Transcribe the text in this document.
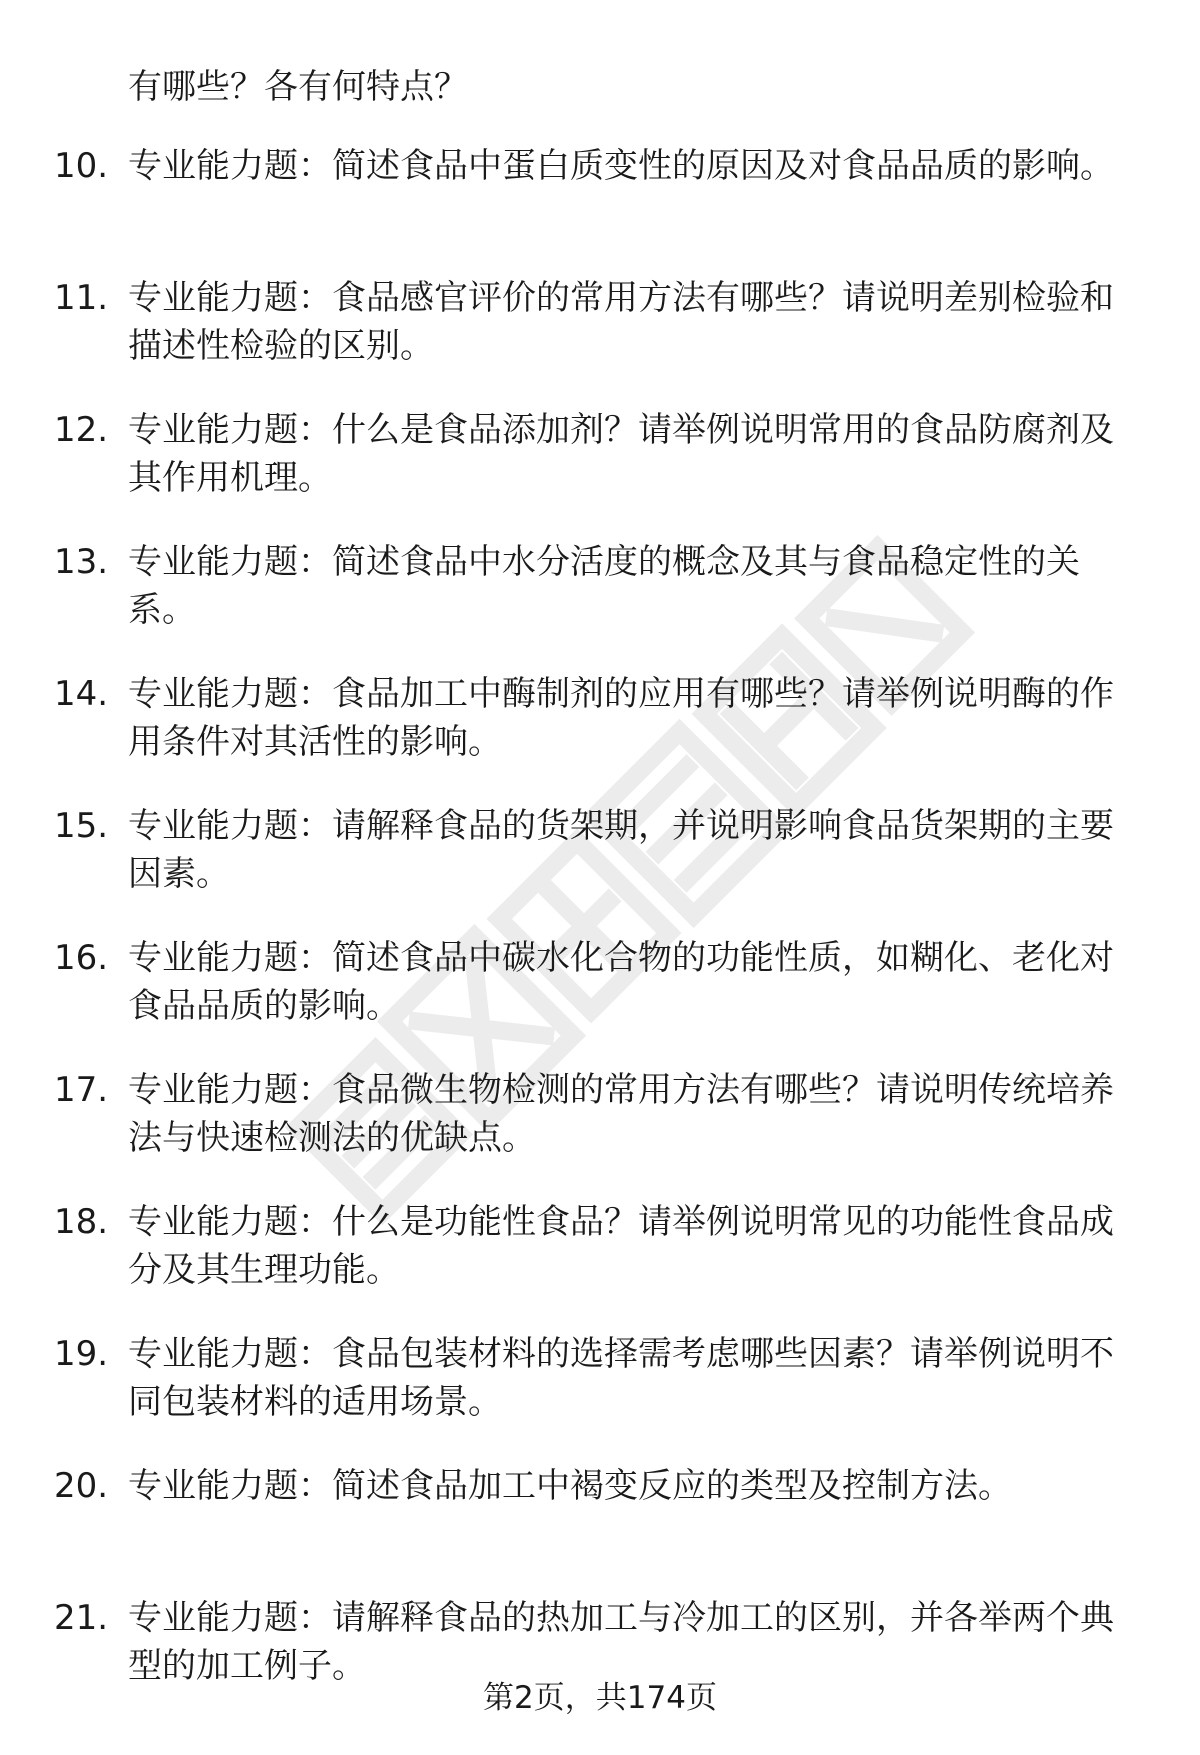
有哪些？各有何特点？
10. 专业能力题：简述食品中蛋白质变性的原因及对食品品质的影响。
11. 专业能力题：食品感官评价的常用方法有哪些？请说明差别检验和描述性检验的区别。
12. 专业能力题：什么是食品添加剂？请举例说明常用的食品防腐剂及其作用机理。
13. 专业能力题：简述食品中水分活度的概念及其与食品稳定性的关系。
14. 专业能力题：食品加工中酶制剂的应用有哪些？请举例说明酶的作用条件对其活性的影响。
15. 专业能力题：请解释食品的货架期，并说明影响食品货架期的主要因素。
16. 专业能力题：简述食品中碳水化合物的功能性质，如糊化、老化对食品品质的影响。
17. 专业能力题：食品微生物检测的常用方法有哪些？请说明传统培养法与快速检测法的优缺点。
18. 专业能力题：什么是功能性食品？请举例说明常见的功能性食品成分及其生理功能。
19. 专业能力题：食品包装材料的选择需考虑哪些因素？请举例说明不同包装材料的适用场景。
20. 专业能力题：简述食品加工中褐变反应的类型及控制方法。
21. 专业能力题：请解释食品的热加工与冷加工的区别，并各举两个典型的加工例子。
第2页，共174页
